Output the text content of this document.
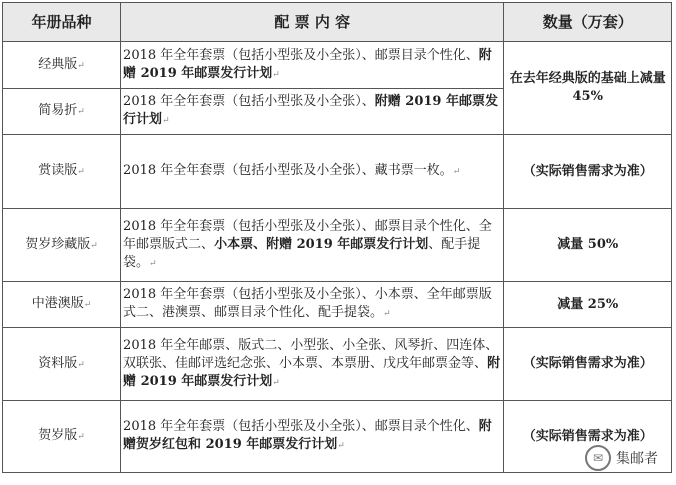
年册品种	配 票 内 容	数量（万套）
经典版↵	2018 年全年套票（包括小型张及小全张）、邮票目录个性化、附赠 2019 年邮票发行计划↵	在去年经典版的基础上减量 45%
简易折↵	2018 年全年套票（包括小型张及小全张）、附赠 2019 年邮票发行计划↵	
赏读版↵	2018 年全年套票（包括小型张及小全张）、藏书票一枚。↵	（实际销售需求为准）
贺岁珍藏版↵	2018 年全年套票（包括小型张及小全张）、邮票目录个性化、全年邮票版式二、小本票、附赠 2019 年邮票发行计划、配手提袋。↵	减量 50%
中港澳版↵	2018 年全年套票（包括小型张及小全张）、小本票、全年邮票版式二、港澳票、邮票目录个性化、配手提袋。↵	减量 25%
资料版↵	2018 年全年邮票、版式二、小型张、小全张、风琴折、四连体、双联张、佳邮评选纪念张、小本票、本票册、戊戌年邮票金等、附赠 2019 年邮票发行计划↵	（实际销售需求为准）
贺岁版↵	2018 年全年套票（包括小型张及小全张）、邮票目录个性化、附赠贺岁红包和 2019 年邮票发行计划↵	（实际销售需求为准）
✉ 集邮者
